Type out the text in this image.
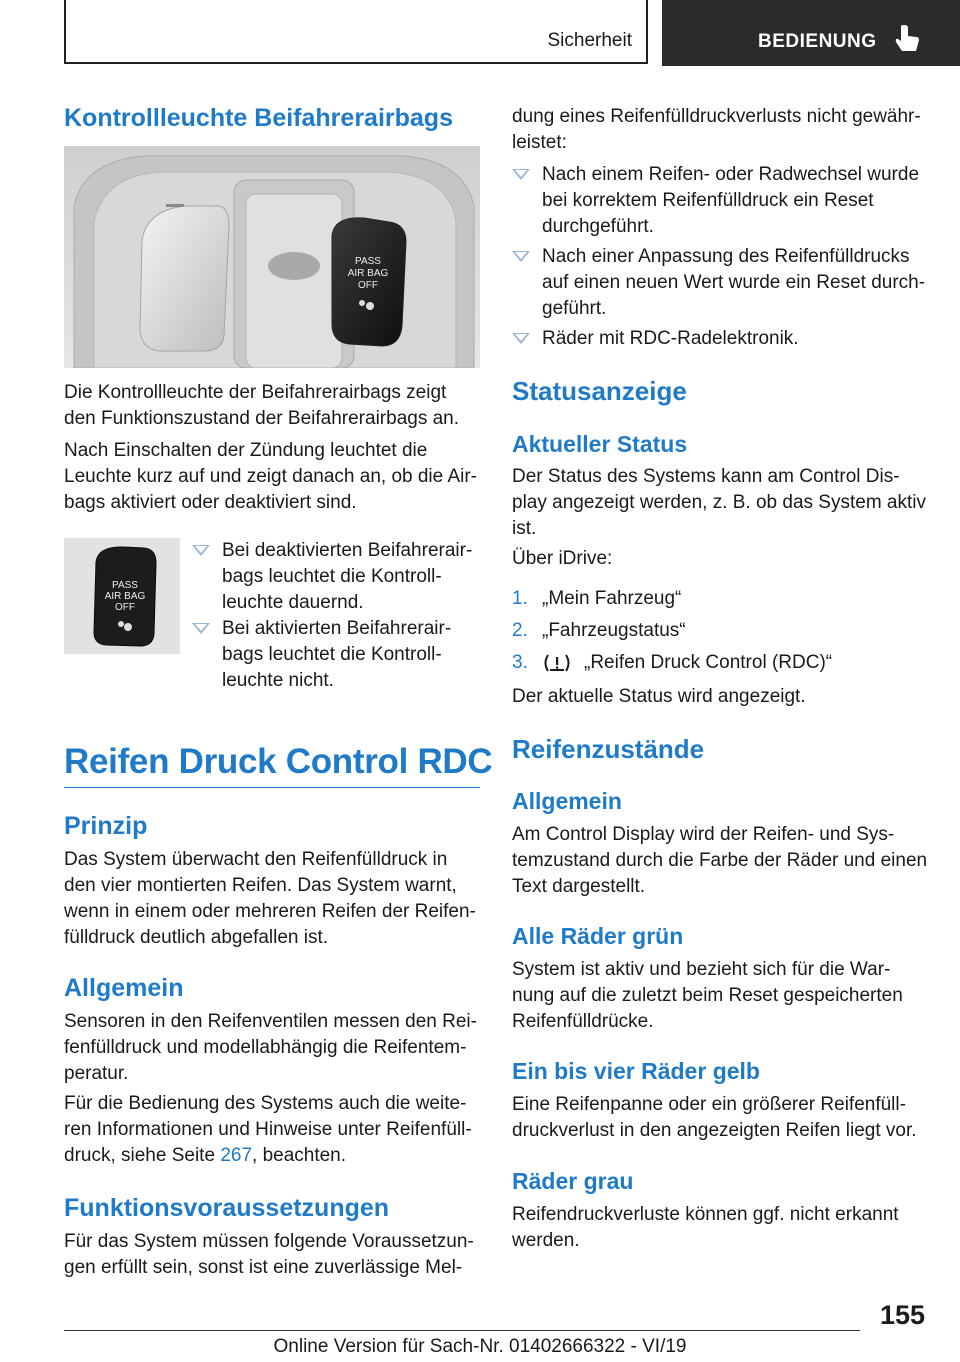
Sicherheit	BEDIENUNG
Kontrollleuchte Beifahrerairbags
PASS
AIR BAG
OFF
Die Kontrollleuchte der Beifahrerairbags zeigt
den Funktionszustand der Beifahrerairbags an.
Nach Einschalten der Zündung leuchtet die
Leuchte kurz auf und zeigt danach an, ob die Air-
bags aktiviert oder deaktiviert sind.
PASS
AIR BAG
OFF
Bei deaktivierten Beifahrerair-
bags leuchtet die Kontroll-
leuchte dauernd.
Bei aktivierten Beifahrerair-
bags leuchtet die Kontroll-
leuchte nicht.
Reifen Druck Control RDC
Prinzip
Das System überwacht den Reifenfülldruck in
den vier montierten Reifen. Das System warnt,
wenn in einem oder mehreren Reifen der Reifen-
fülldruck deutlich abgefallen ist.
Allgemein
Sensoren in den Reifenventilen messen den Rei-
fenfülldruck und modellabhängig die Reifentem-
peratur.
Für die Bedienung des Systems auch die weite-
ren Informationen und Hinweise unter Reifenfüll-
druck, siehe Seite 267, beachten.
Funktionsvoraussetzungen
Für das System müssen folgende Voraussetzun-
gen erfüllt sein, sonst ist eine zuverlässige Mel-
dung eines Reifenfülldruckverlusts nicht gewähr-
leistet:
Nach einem Reifen- oder Radwechsel wurde
bei korrektem Reifenfülldruck ein Reset
durchgeführt.
Nach einer Anpassung des Reifenfülldrucks
auf einen neuen Wert wurde ein Reset durch-
geführt.
Räder mit RDC-Radelektronik.
Statusanzeige
Aktueller Status
Der Status des Systems kann am Control Dis-
play angezeigt werden, z. B. ob das System aktiv
ist.
Über iDrive:
1. „Mein Fahrzeug“
2. „Fahrzeugstatus“
3.	„Reifen Druck Control (RDC)“
Der aktuelle Status wird angezeigt.
Reifenzustände
Allgemein
Am Control Display wird der Reifen- und Sys-
temzustand durch die Farbe der Räder und einen
Text dargestellt.
Alle Räder grün
System ist aktiv und bezieht sich für die War-
nung auf die zuletzt beim Reset gespeicherten
Reifenfülldrücke.
Ein bis vier Räder gelb
Eine Reifenpanne oder ein größerer Reifenfüll-
druckverlust in den angezeigten Reifen liegt vor.
Räder grau
Reifendruckverluste können ggf. nicht erkannt
werden.
155
Online Version für Sach-Nr. 01402666322 - VI/19
